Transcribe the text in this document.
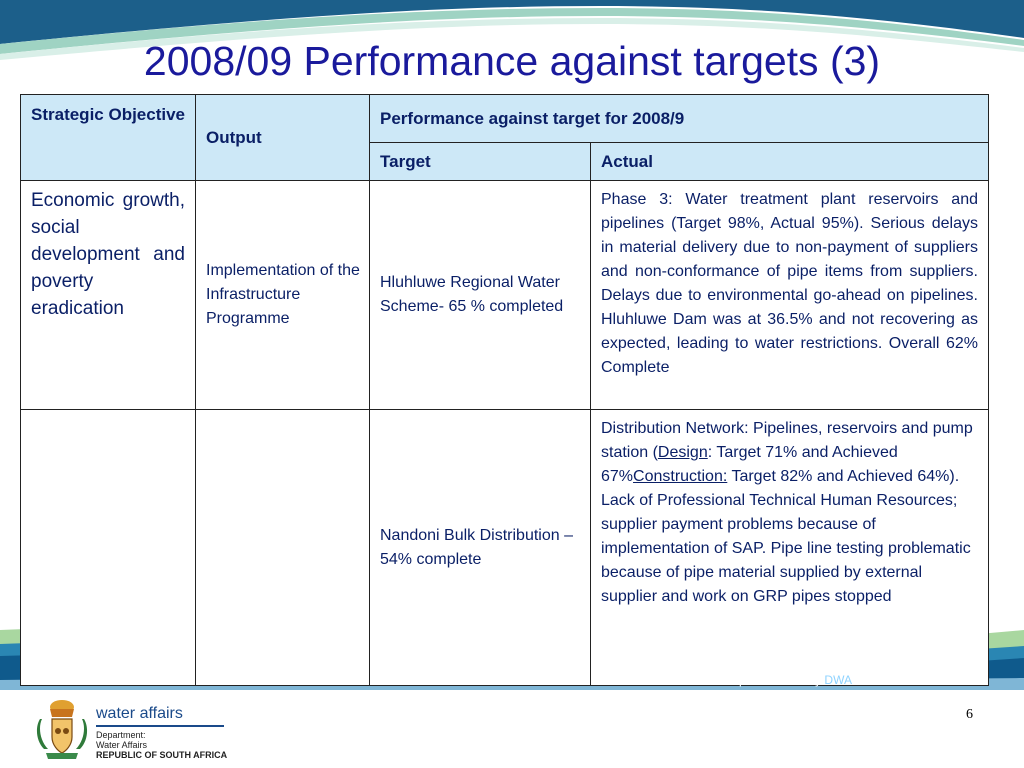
2008/09 Performance against targets (3)
Strategic Objective	Output	Performance against target for 2008/9	
		Target	Actual
Economic growth, social development and poverty eradication	Implementation of the Infrastructure Programme	Hluhluwe Regional Water Scheme- 65 % completed	Phase 3: Water treatment plant reservoirs and pipelines (Target 98%, Actual 95%). Serious delays in material delivery due to non-payment of suppliers and non-conformance of pipe items from suppliers. Delays due to environmental go-ahead on pipelines. Hluhluwe Dam was at 36.5% and not recovering as expected, leading to water restrictions. Overall 62% Complete
		Nandoni Bulk Distribution – 54% complete	Distribution Network: Pipelines, reservoirs and pump station (Design: Target 71% and Achieved 67%Construction: Target 82% and Achieved 64%). Lack of Professional Technical Human Resources; supplier payment problems because of implementation of SAP. Pipe line testing problematic because of pipe material supplied by external supplier and work on GRP pipes stopped
a presentation by DWA communication services
6
water affairs
Department:
Water Affairs
REPUBLIC OF SOUTH AFRICA
